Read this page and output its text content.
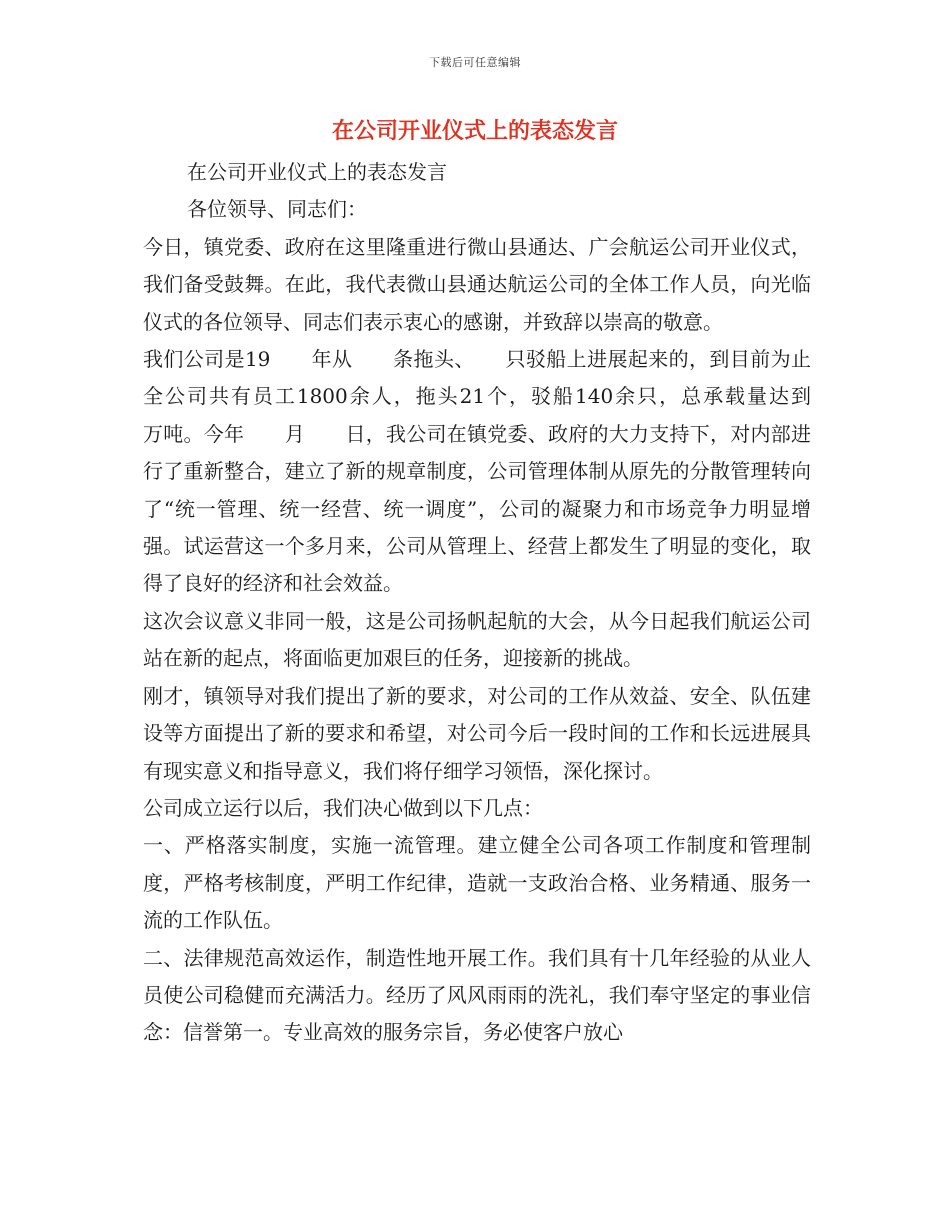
下载后可任意编辑
在公司开业仪式上的表态发言

在公司开业仪式上的表态发言

各位领导、同志们：

今日，镇党委、政府在这里隆重进行微山县通达、广会航运公司开业仪式，我们备受鼓舞。在此，我代表微山县通达航运公司的全体工作人员，向光临仪式的各位领导、同志们表示衷心的感谢，并致辞以崇高的敬意。

我们公司是19　　年从　　条拖头、　　只驳船上进展起来的，到目前为止全公司共有员工1800余人，拖头21个，驳船140余只，总承载量达到　　万吨。今年　　月　　日，我公司在镇党委、政府的大力支持下，对内部进行了重新整合，建立了新的规章制度，公司管理体制从原先的分散管理转向了“统一管理、统一经营、统一调度”，公司的凝聚力和市场竞争力明显增强。试运营这一个多月来，公司从管理上、经营上都发生了明显的变化，取得了良好的经济和社会效益。

这次会议意义非同一般，这是公司扬帆起航的大会，从今日起我们航运公司站在新的起点，将面临更加艰巨的任务，迎接新的挑战。

刚才，镇领导对我们提出了新的要求，对公司的工作从效益、安全、队伍建设等方面提出了新的要求和希望，对公司今后一段时间的工作和长远进展具有现实意义和指导意义，我们将仔细学习领悟，深化探讨。

公司成立运行以后，我们决心做到以下几点：

一、严格落实制度，实施一流管理。建立健全公司各项工作制度和管理制度，严格考核制度，严明工作纪律，造就一支政治合格、业务精通、服务一流的工作队伍。

二、法律规范高效运作，制造性地开展工作。我们具有十几年经验的从业人员使公司稳健而充满活力。经历了风风雨雨的洗礼，我们奉守坚定的事业信念：信誉第一。专业高效的服务宗旨，务必使客户放心
